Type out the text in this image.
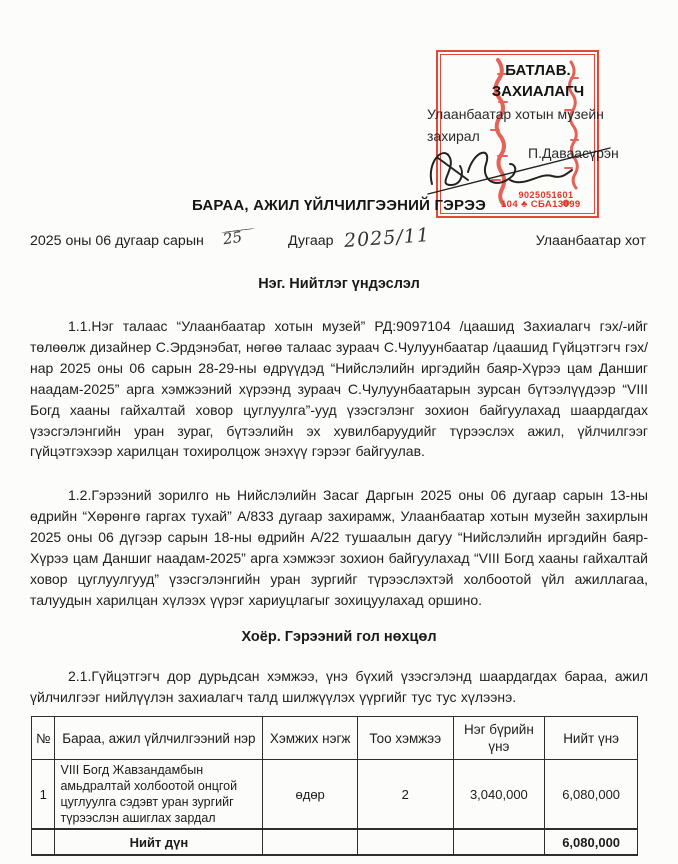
9025051601
104 ♣ СБА13099
БАТЛАВ.
ЗАХИАЛАГЧ
Улаанбаатар хотын музейн
захирал
П.Даваасүрэн
БАРАА, АЖИЛ ҮЙЛЧИЛГЭЭНИЙ ГЭРЭЭ
2025 оны 06 дугаар сарын 25	Дугаар 2025/11	Улаанбаатар хот
Нэг. Нийтлэг үндэслэл

1.1.Нэг талаас “Улаанбаатар хотын музей” РД:9097104 /цаашид Захиалагч гэх/-ийг төлөөлж дизайнер С.Эрдэнэбат, нөгөө талаас зураач С.Чулуунбаатар /цаашид Гүйцэтгэгч гэх/ нар 2025 оны 06 сарын 28-29-ны өдрүүдэд “Нийслэлийн иргэдийн баяр-Хүрээ цам Даншиг наадам-2025” арга хэмжээний хүрээнд зураач С.Чулуунбаатарын зурсан бүтээлүүдээр “VIII Богд хааны гайхалтай ховор цуглуулга”-ууд үзэсгэлэнг зохион байгуулахад шаардагдах үзэсгэлэнгийн уран зураг, бүтээлийн эх хувилбаруудийг түрээслэх ажил, үйлчилгээг гүйцэтгэхээр харилцан тохиролцож энэхүү гэрээг байгуулав.

1.2.Гэрээний зорилго нь Нийслэлийн Засаг Даргын 2025 оны 06 дугаар сарын 13-ны өдрийн “Хөрөнгө гаргах тухай” А/833 дугаар захирамж, Улаанбаатар хотын музейн захирлын 2025 оны 06 дүгээр сарын 18-ны өдрийн А/22 тушаалын дагуу “Нийслэлийн иргэдийн баяр-Хүрээ цам Даншиг наадам-2025” арга хэмжээг зохион байгуулахад “VIII Богд хааны гайхалтай ховор цуглуулгууд” үзэсгэлэнгийн уран зургийг түрээслэхтэй холбоотой үйл ажиллагаа, талуудын харилцан хүлээх үүрэг хариуцлагыг зохицуулахад оршино.

Хоёр. Гэрээний гол нөхцөл

2.1.Гүйцэтгэгч дор дурьдсан хэмжээ, үнэ бүхий үзэсгэлэнд шаардагдах бараа, ажил үйлчилгээг нийлүүлэн захиалагч талд шилжүүлэх үүргийг тус тус хүлээнэ.

№	Бараа, ажил үйлчилгээний нэр	Хэмжих нэгж	Тоо хэмжээ	Нэг бүрийн үнэ	Нийт үнэ
1	VIII Богд Жавзандамбын амьдралтай холбоотой онцгой цуглуулга сэдэвт уран зургийг түрээслэн ашиглах зардал	өдөр	2	3,040,000	6,080,000
	Нийт дүн				6,080,000
